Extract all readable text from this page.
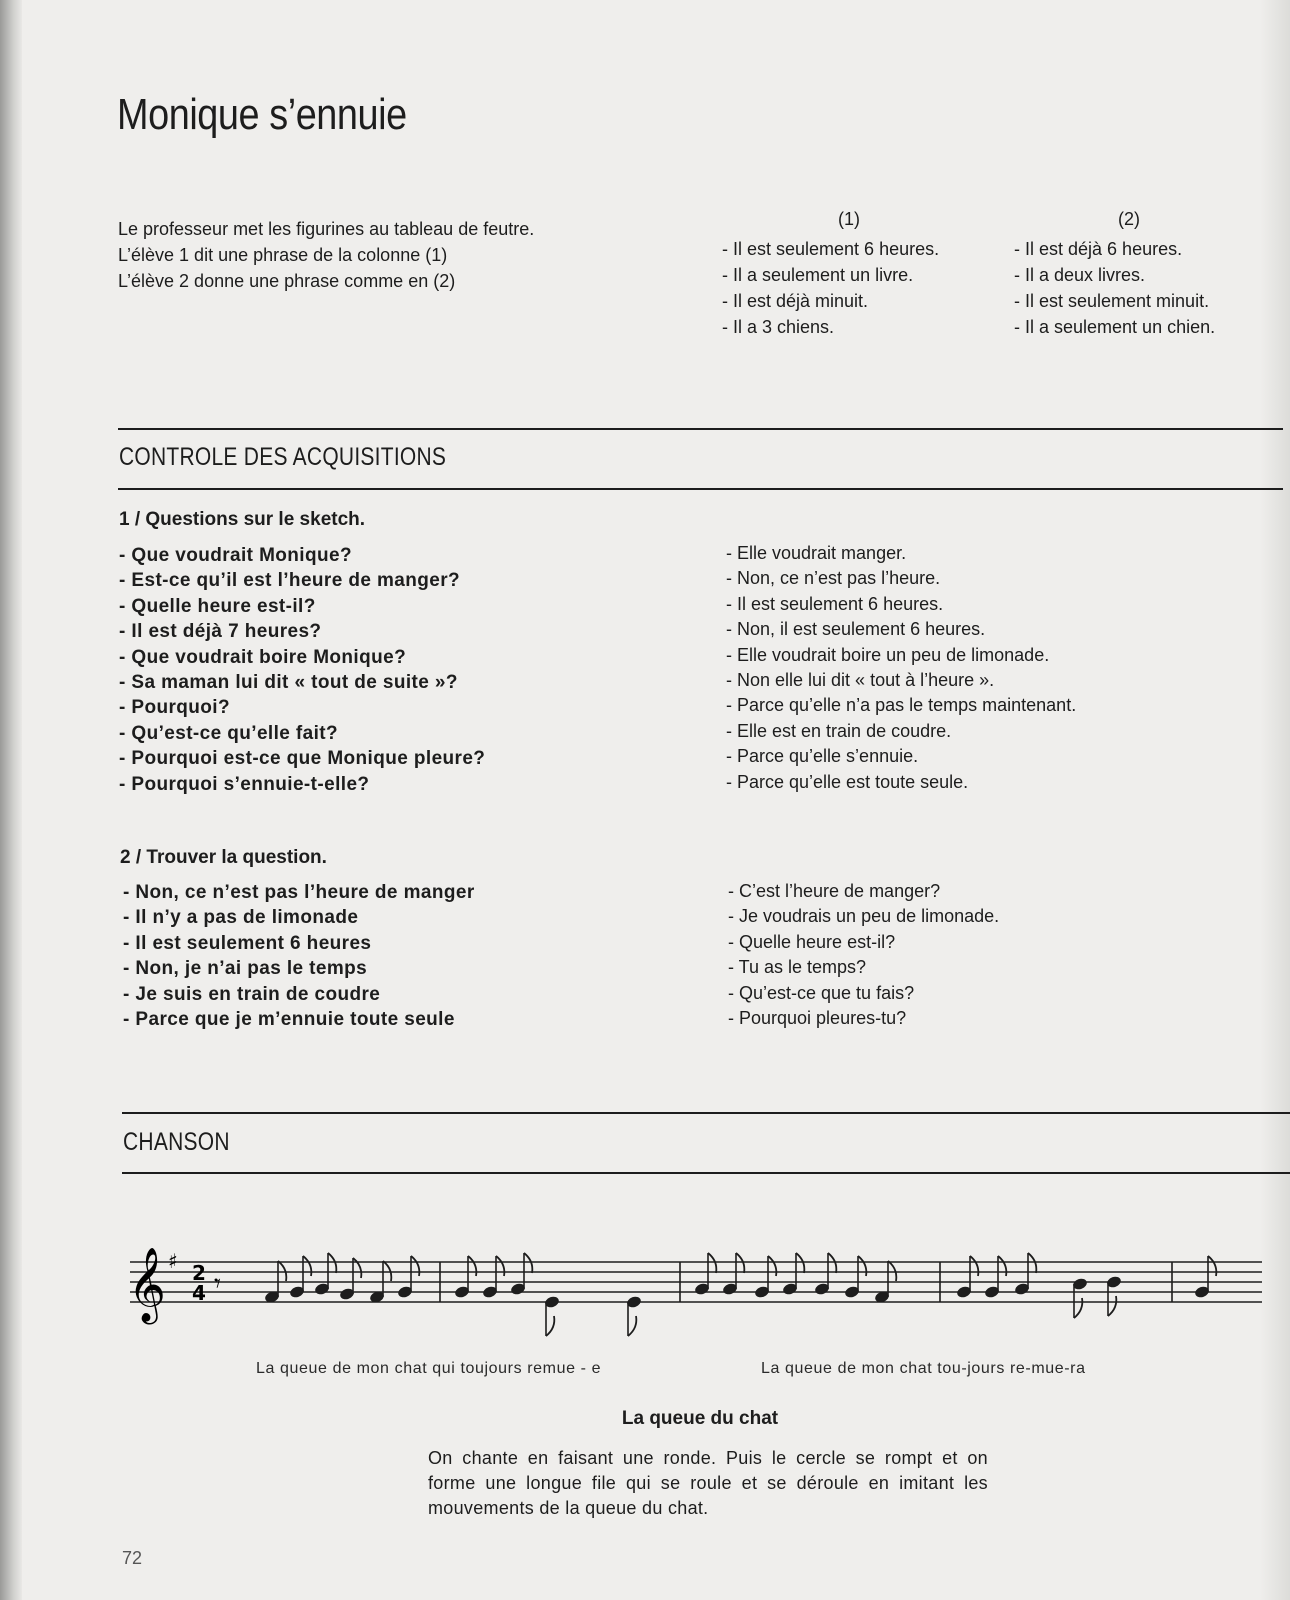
Monique s’ennuie
Le professeur met les figurines au tableau de feutre.
L’élève 1 dit une phrase de la colonne (1)
L’élève 2 donne une phrase comme en (2)
(1)	(2)
- Il est seulement 6 heures.
- Il a seulement un livre.
- Il est déjà minuit.
- Il a 3 chiens.
- Il est déjà 6 heures.
- Il a deux livres.
- Il est seulement minuit.
- Il a seulement un chien.
CONTROLE DES ACQUISITIONS
1 / Questions sur le sketch.
- Que voudrait Monique?
- Est-ce qu’il est l’heure de manger?
- Quelle heure est-il?
- Il est déjà 7 heures?
- Que voudrait boire Monique?
- Sa maman lui dit « tout de suite »?
- Pourquoi?
- Qu’est-ce qu’elle fait?
- Pourquoi est-ce que Monique pleure?
- Pourquoi s’ennuie-t-elle?
- Elle voudrait manger.
- Non, ce n’est pas l’heure.
- Il est seulement 6 heures.
- Non, il est seulement 6 heures.
- Elle voudrait boire un peu de limonade.
- Non elle lui dit « tout à l’heure ».
- Parce qu’elle n’a pas le temps maintenant.
- Elle est en train de coudre.
- Parce qu’elle s’ennuie.
- Parce qu’elle est toute seule.
2 / Trouver la question.
- Non, ce n’est pas l’heure de manger
- Il n’y a pas de limonade
- Il est seulement 6 heures
- Non, je n’ai pas le temps
- Je suis en train de coudre
- Parce que je m’ennuie toute seule
- C’est l’heure de manger?
- Je voudrais un peu de limonade.
- Quelle heure est-il?
- Tu as le temps?
- Qu’est-ce que tu fais?
- Pourquoi pleures-tu?
CHANSON
𝄞 ♯ 2
4 𝄾
La queue de mon chat qui toujours remue - e	La queue de mon chat tou-jours re-mue-ra
La queue du chat
On chante en faisant une ronde. Puis le cercle se rompt et on forme une longue file qui se roule et se déroule en imitant les mouvements de la queue du chat.
72
